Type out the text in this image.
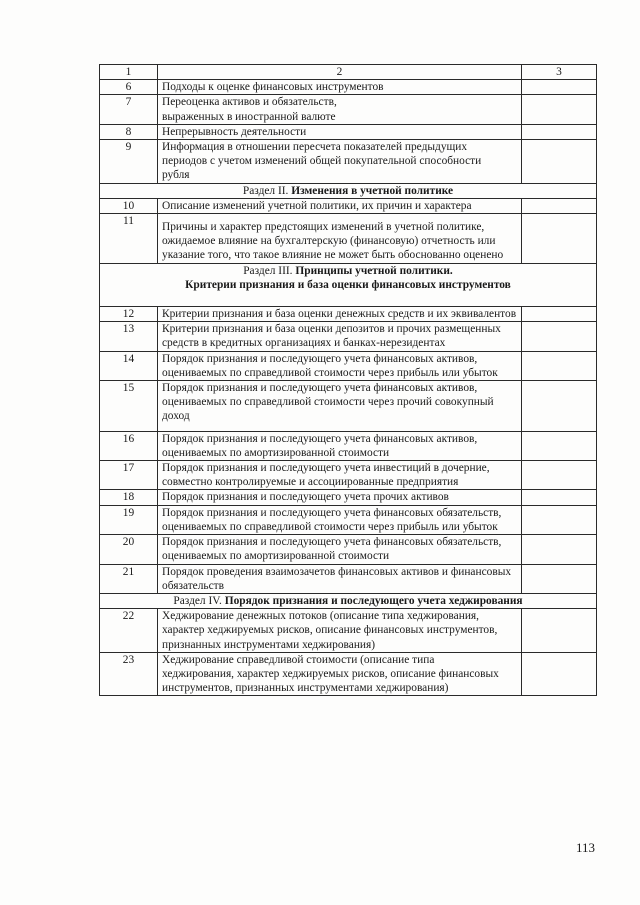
1	2	3
6	Подходы к оценке финансовых инструментов	
7	Переоценка активов и обязательств, выраженных в иностранной валюте	
8	Непрерывность деятельности	
9	Информация в отношении пересчета показателей предыдущих периодов с учетом изменений общей покупательной способности рубля	
Раздел II. Изменения в учетной политике		
10	Описание изменений учетной политики, их причин и характера	
11	Причины и характер предстоящих изменений в учетной политике, ожидаемое влияние на бухгалтерскую (финансовую) отчетность или указание того, что такое влияние не может быть обоснованно оценено	

Раздел III. Принципы учетной политики.
Критерии признания и база оценки финансовых инструментов		

12	Критерии признания и база оценки денежных средств и их эквивалентов	
13	Критерии признания и база оценки депозитов и прочих размещенных средств в кредитных организациях и банках-нерезидентах	
14	Порядок признания и последующего учета финансовых активов, оцениваемых по справедливой стоимости через прибыль или убыток	
15	Порядок признания и последующего учета финансовых активов, оцениваемых по справедливой стоимости через прочий совокупный доход	
16	Порядок признания и последующего учета финансовых активов, оцениваемых по амортизированной стоимости	
17	Порядок признания и последующего учета инвестиций в дочерние, совместно контролируемые и ассоциированные предприятия	
18	Порядок признания и последующего учета прочих активов	
19	Порядок признания и последующего учета финансовых обязательств, оцениваемых по справедливой стоимости через прибыль или убыток	
20	Порядок признания и последующего учета финансовых обязательств, оцениваемых по амортизированной стоимости	
21	Порядок проведения взаимозачетов финансовых активов и финансовых обязательств	
Раздел IV. Порядок признания и последующего учета хеджирования		
22	Хеджирование денежных потоков (описание типа хеджирования, характер хеджируемых рисков, описание финансовых инструментов, признанных инструментами хеджирования)	
23	Хеджирование справедливой стоимости (описание типа хеджирования, характер хеджируемых рисков, описание финансовых инструментов, признанных инструментами хеджирования)	
113
